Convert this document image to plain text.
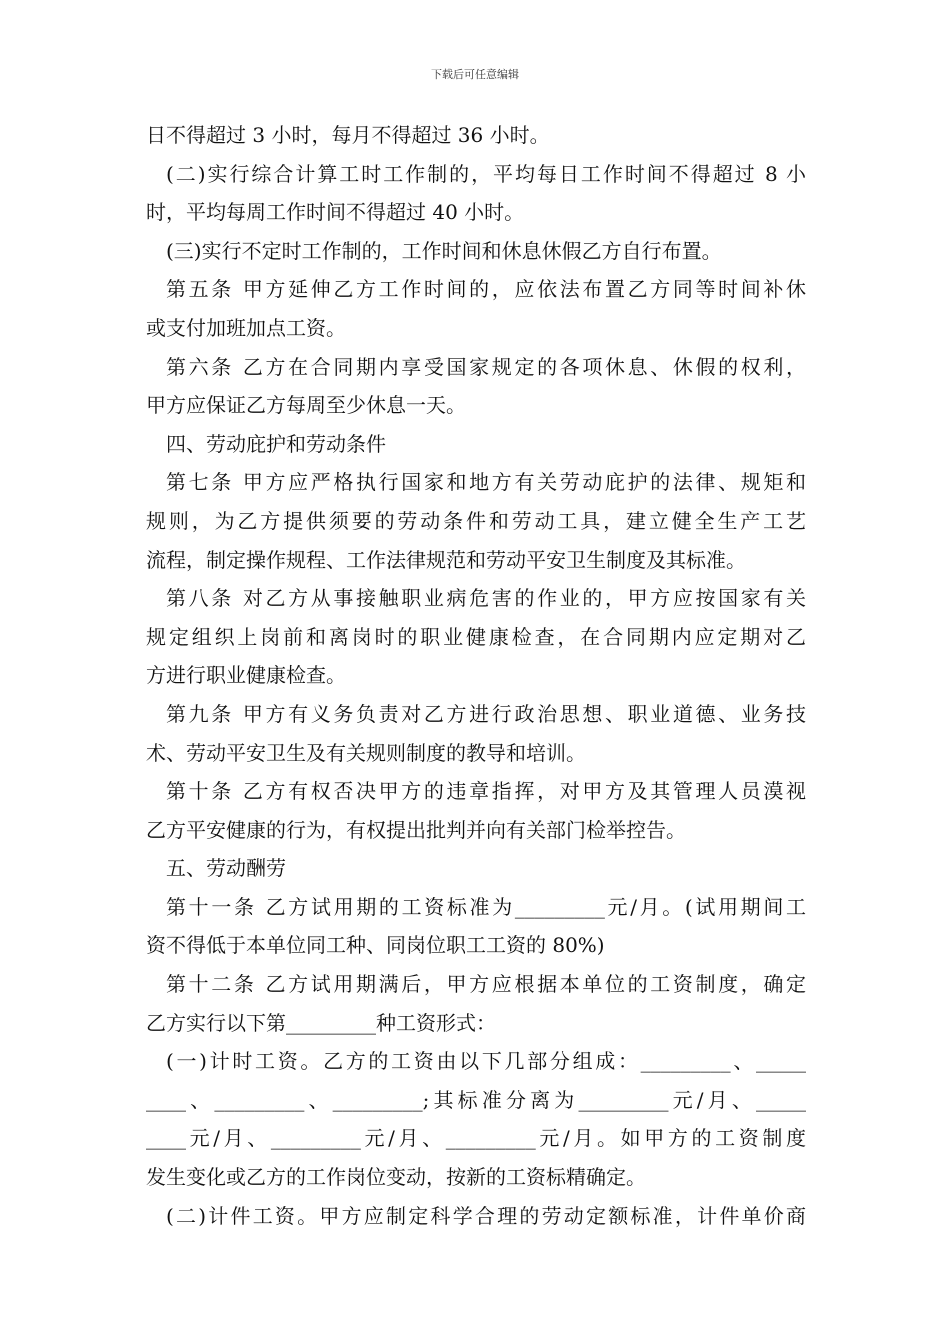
下载后可任意编辑
日不得超过 3 小时，每月不得超过 36 小时。
(二)实行综合计算工时工作制的，平均每日工作时间不得超过 8 小
时，平均每周工作时间不得超过 40 小时。
(三)实行不定时工作制的，工作时间和休息休假乙方自行布置。
第五条 甲方延伸乙方工作时间的，应依法布置乙方同等时间补休
或支付加班加点工资。
第六条 乙方在合同期内享受国家规定的各项休息、休假的权利，
甲方应保证乙方每周至少休息一天。
四、劳动庇护和劳动条件
第七条 甲方应严格执行国家和地方有关劳动庇护的法律、规矩和
规则，为乙方提供须要的劳动条件和劳动工具，建立健全生产工艺
流程，制定操作规程、工作法律规范和劳动平安卫生制度及其标准。
第八条 对乙方从事接触职业病危害的作业的，甲方应按国家有关
规定组织上岗前和离岗时的职业健康检查，在合同期内应定期对乙
方进行职业健康检查。
第九条 甲方有义务负责对乙方进行政治思想、职业道德、业务技
术、劳动平安卫生及有关规则制度的教导和培训。
第十条 乙方有权否决甲方的违章指挥，对甲方及其管理人员漠视
乙方平安健康的行为，有权提出批判并向有关部门检举控告。
五、劳动酬劳
第十一条 乙方试用期的工资标准为_________元/月。(试用期间工
资不得低于本单位同工种、同岗位职工工资的 80%)
第十二条 乙方试用期满后，甲方应根据本单位的工资制度，确定
乙方实行以下第_________种工资形式：
(一)计时工资。乙方的工资由以下几部分组成：_________、_____
____、_________、_________;其标准分离为_________元/月、_____
____元/月、_________元/月、_________元/月。如甲方的工资制度
发生变化或乙方的工作岗位变动，按新的工资标精确定。
(二)计件工资。甲方应制定科学合理的劳动定额标准，计件单价商
